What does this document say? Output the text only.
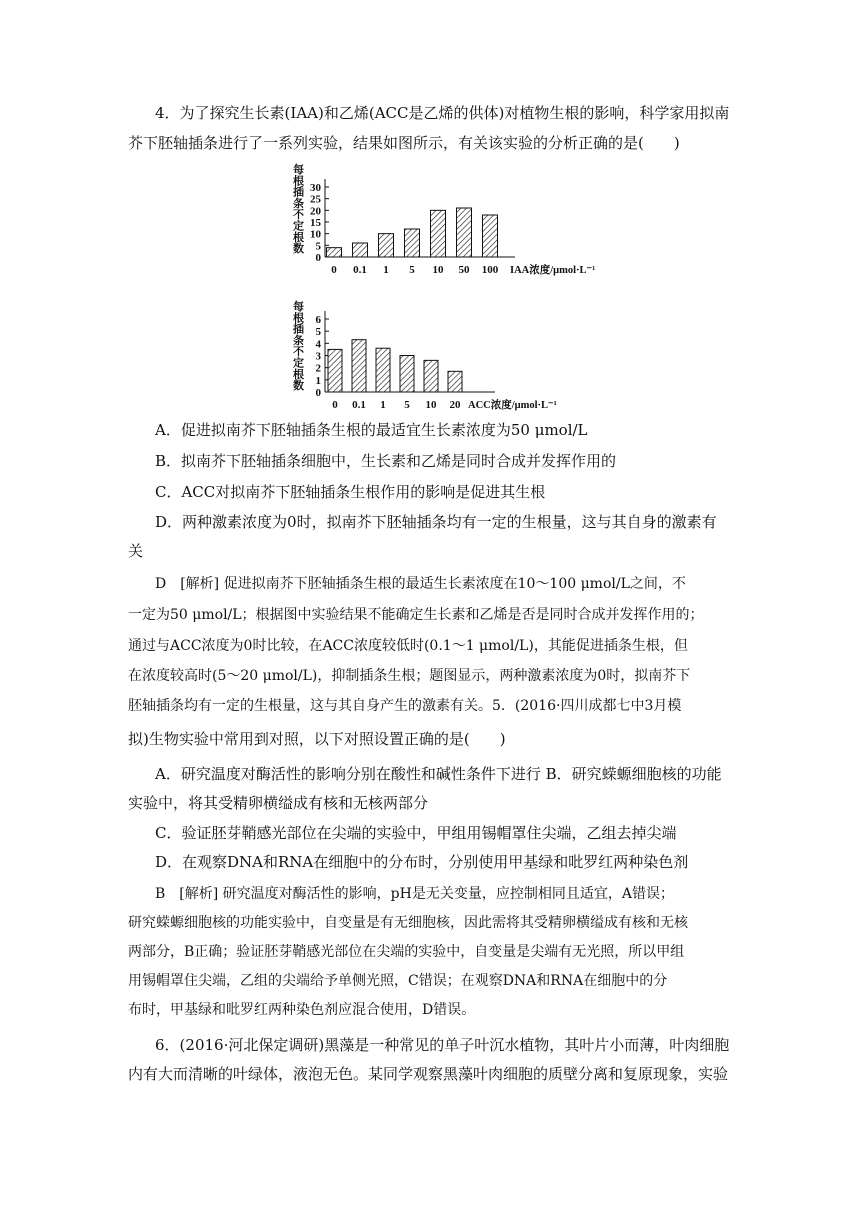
4．为了探究生长素(IAA)和乙烯(ACC是乙烯的供体)对植物生根的影响，科学家用拟南
芥下胚轴插条进行了一系列实验，结果如图所示，有关该实验的分析正确的是(　　)
每根插条不定根数
0
5
10
15
20
25
30
0 0.1 1 5 10 50 100 IAA浓度/μmol·L⁻¹
每根插条不定根数
0
1
2
3
4
5
6
0 0.1 1 5 10 20 ACC浓度/μmol·L⁻¹
A．促进拟南芥下胚轴插条生根的最适宜生长素浓度为50 μmol/L
B．拟南芥下胚轴插条细胞中，生长素和乙烯是同时合成并发挥作用的
C．ACC对拟南芥下胚轴插条生根作用的影响是促进其生根
D．两种激素浓度为0时，拟南芥下胚轴插条均有一定的生根量，这与其自身的激素有
关
D　[解析] 促进拟南芥下胚轴插条生根的最适生长素浓度在10～100 μmol/L之间，不
一定为50 μmol/L；根据图中实验结果不能确定生长素和乙烯是否是同时合成并发挥作用的；
通过与ACC浓度为0时比较，在ACC浓度较低时(0.1～1 μmol/L)，其能促进插条生根，但
在浓度较高时(5～20 μmol/L)，抑制插条生根；题图显示，两种激素浓度为0时，拟南芥下
胚轴插条均有一定的生根量，这与其自身产生的激素有关。5．(2016·四川成都七中3月模
拟)生物实验中常用到对照，以下对照设置正确的是(　　)
A．研究温度对酶活性的影响分别在酸性和碱性条件下进行 B．研究蝾螈细胞核的功能
实验中，将其受精卵横缢成有核和无核两部分
C．验证胚芽鞘感光部位在尖端的实验中，甲组用锡帽罩住尖端，乙组去掉尖端
D．在观察DNA和RNA在细胞中的分布时，分别使用甲基绿和吡罗红两种染色剂
B　[解析] 研究温度对酶活性的影响，pH是无关变量，应控制相同且适宜，A错误；
研究蝾螈细胞核的功能实验中，自变量是有无细胞核，因此需将其受精卵横缢成有核和无核
两部分，B正确；验证胚芽鞘感光部位在尖端的实验中，自变量是尖端有无光照，所以甲组
用锡帽罩住尖端，乙组的尖端给予单侧光照，C错误；在观察DNA和RNA在细胞中的分
布时，甲基绿和吡罗红两种染色剂应混合使用，D错误。
6．(2016·河北保定调研)黑藻是一种常见的单子叶沉水植物，其叶片小而薄，叶肉细胞
内有大而清晰的叶绿体，液泡无色。某同学观察黑藻叶肉细胞的质壁分离和复原现象，实验
